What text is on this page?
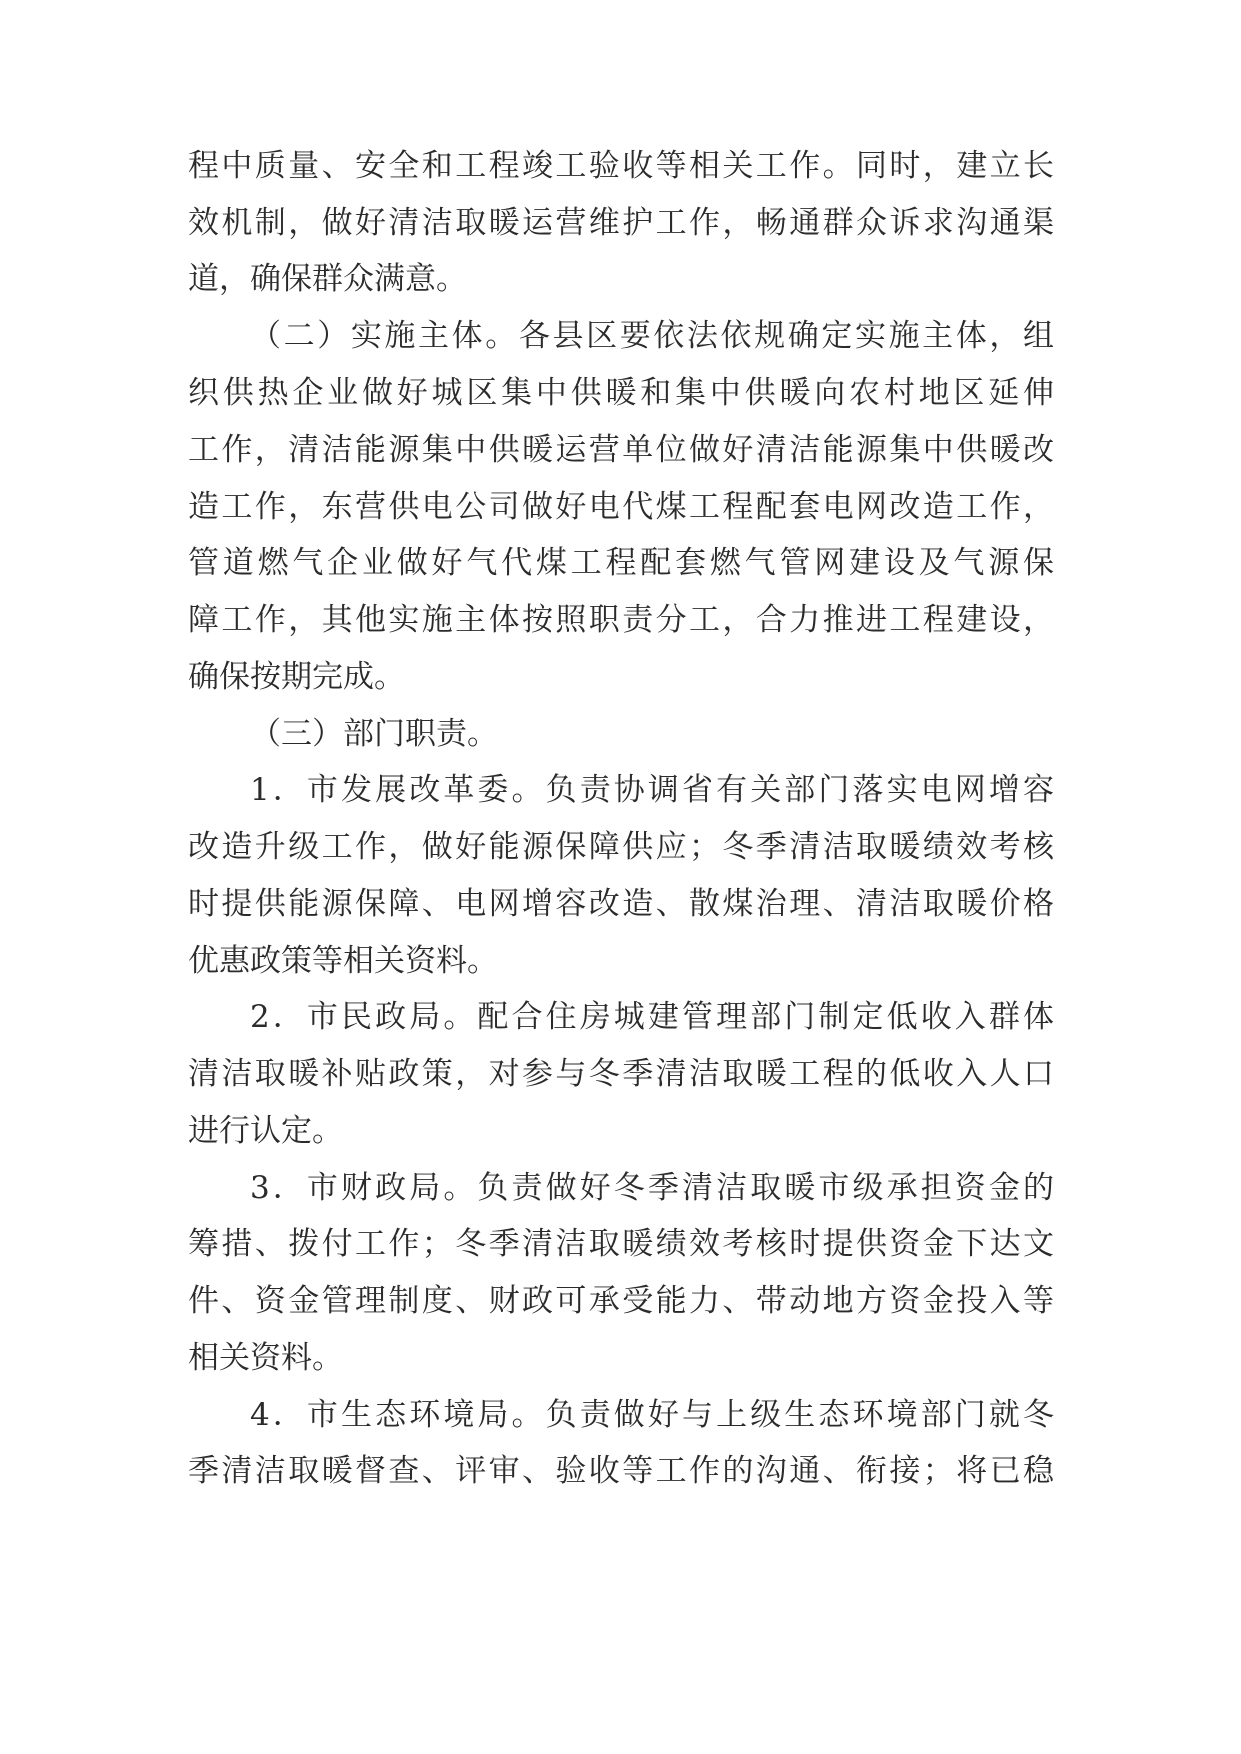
程中质量、安全和工程竣工验收等相关工作。同时，建立长

效机制，做好清洁取暖运营维护工作，畅通群众诉求沟通渠

道，确保群众满意。

（二）实施主体。各县区要依法依规确定实施主体，组

织供热企业做好城区集中供暖和集中供暖向农村地区延伸

工作，清洁能源集中供暖运营单位做好清洁能源集中供暖改

造工作，东营供电公司做好电代煤工程配套电网改造工作，

管道燃气企业做好气代煤工程配套燃气管网建设及气源保

障工作，其他实施主体按照职责分工，合力推进工程建设，

确保按期完成。

（三）部门职责。

1．市发展改革委。负责协调省有关部门落实电网增容

改造升级工作，做好能源保障供应；冬季清洁取暖绩效考核

时提供能源保障、电网增容改造、散煤治理、清洁取暖价格

优惠政策等相关资料。

2．市民政局。配合住房城建管理部门制定低收入群体

清洁取暖补贴政策，对参与冬季清洁取暖工程的低收入人口

进行认定。

3．市财政局。负责做好冬季清洁取暖市级承担资金的

筹措、拨付工作；冬季清洁取暖绩效考核时提供资金下达文

件、资金管理制度、财政可承受能力、带动地方资金投入等

相关资料。

4．市生态环境局。负责做好与上级生态环境部门就冬

季清洁取暖督查、评审、验收等工作的沟通、衔接；将已稳
